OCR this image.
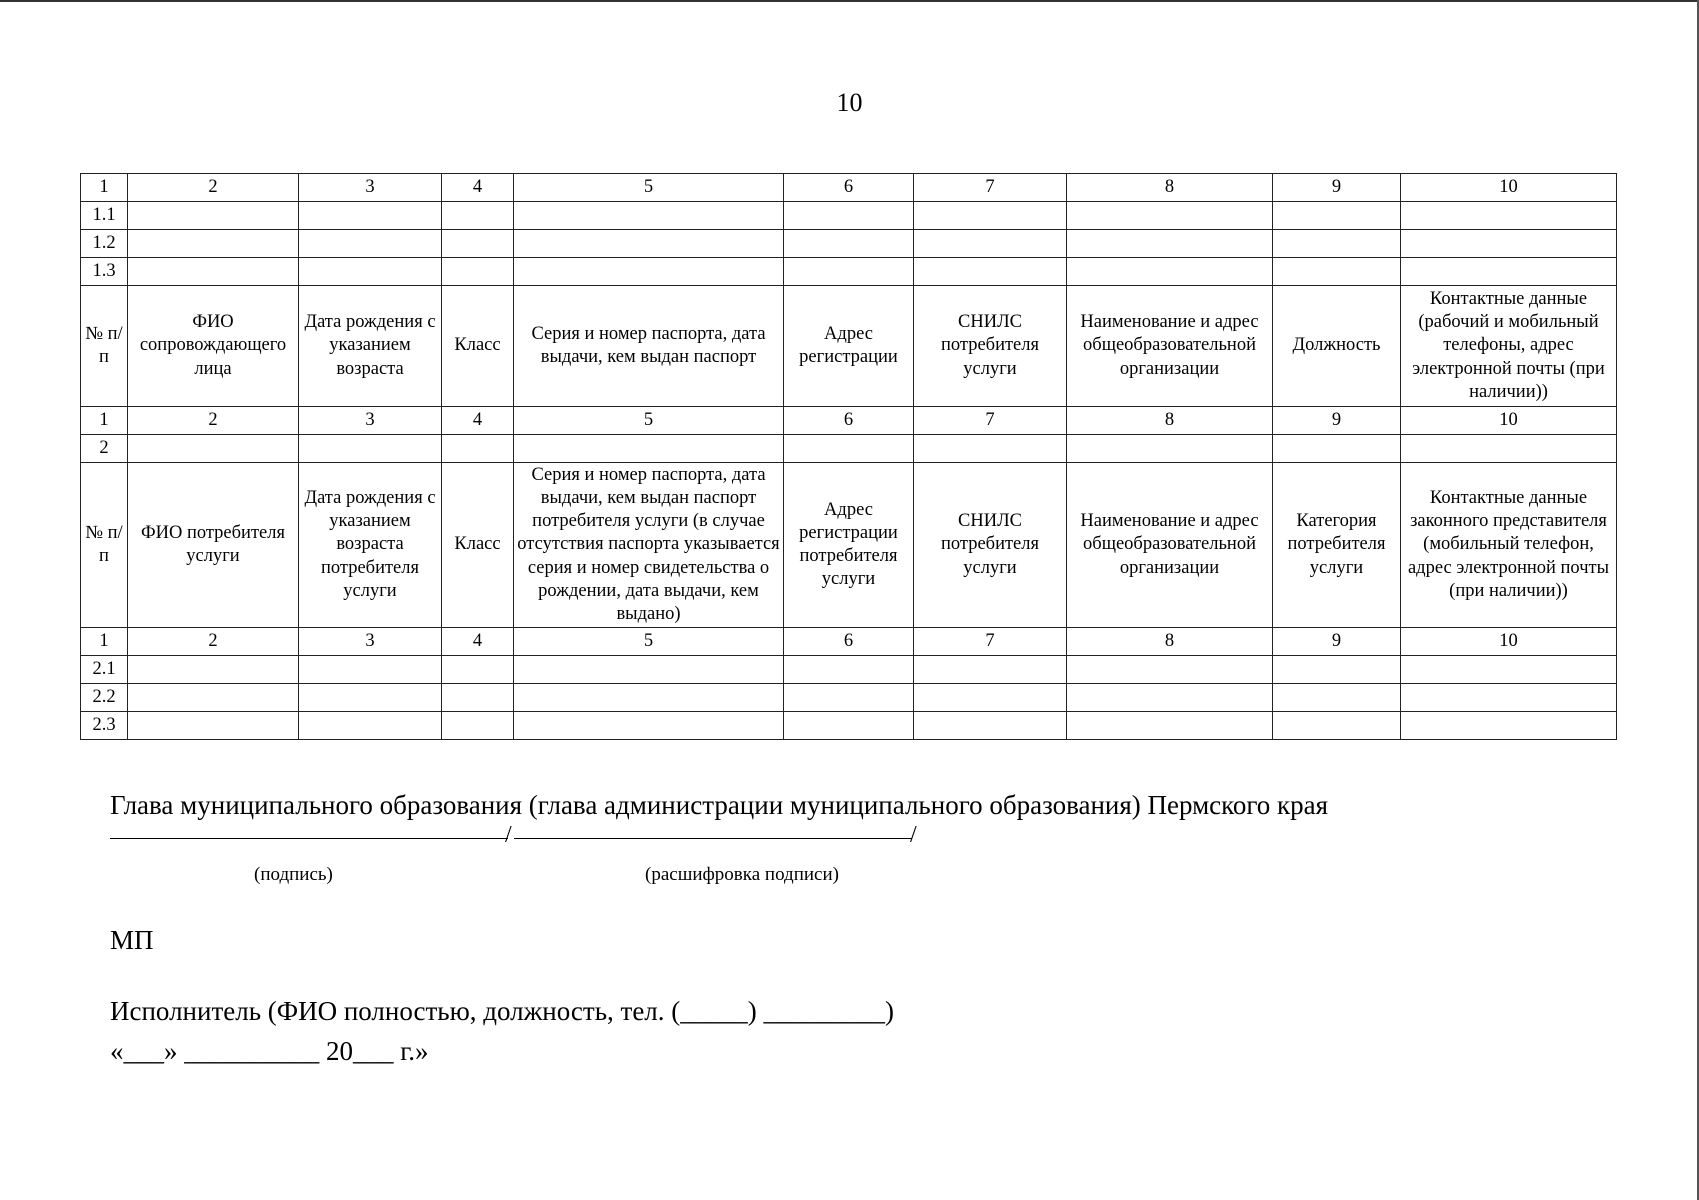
10
1	2	3	4	5	6	7	8	9	10
1.1									
1.2									
1.3									
№ п/п	ФИО сопровождающего лица	Дата рождения с указанием возраста	Класс	Серия и номер паспорта, дата выдачи, кем выдан паспорт	Адрес регистрации	СНИЛС потребителя услуги	Наименование и адрес общеобразовательной организации	Должность	Контактные данные (рабочий и мобильный телефоны, адрес электронной почты (при наличии))
1	2	3	4	5	6	7	8	9	10
2									
№ п/п	ФИО потребителя услуги	Дата рождения с указанием возраста потребителя услуги	Класс	Серия и номер паспорта, дата выдачи, кем выдан паспорт потребителя услуги (в случае отсутствия паспорта указывается серия и номер свидетельства о рождении, дата выдачи, кем выдано)	Адрес регистрации потребителя услуги	СНИЛС потребителя услуги	Наименование и адрес общеобразовательной организации	Категория потребителя услуги	Контактные данные законного представителя (мобильный телефон, адрес электронной почты (при наличии))
1	2	3	4	5	6	7	8	9	10
2.1									
2.2									
2.3									
Глава муниципального образования (глава администрации муниципального образования) Пермского края
/	/
(подпись)	(расшифровка подписи)
МП
Исполнитель (ФИО полностью, должность, тел. (_____) _________)
«___» __________ 20___ г.»
